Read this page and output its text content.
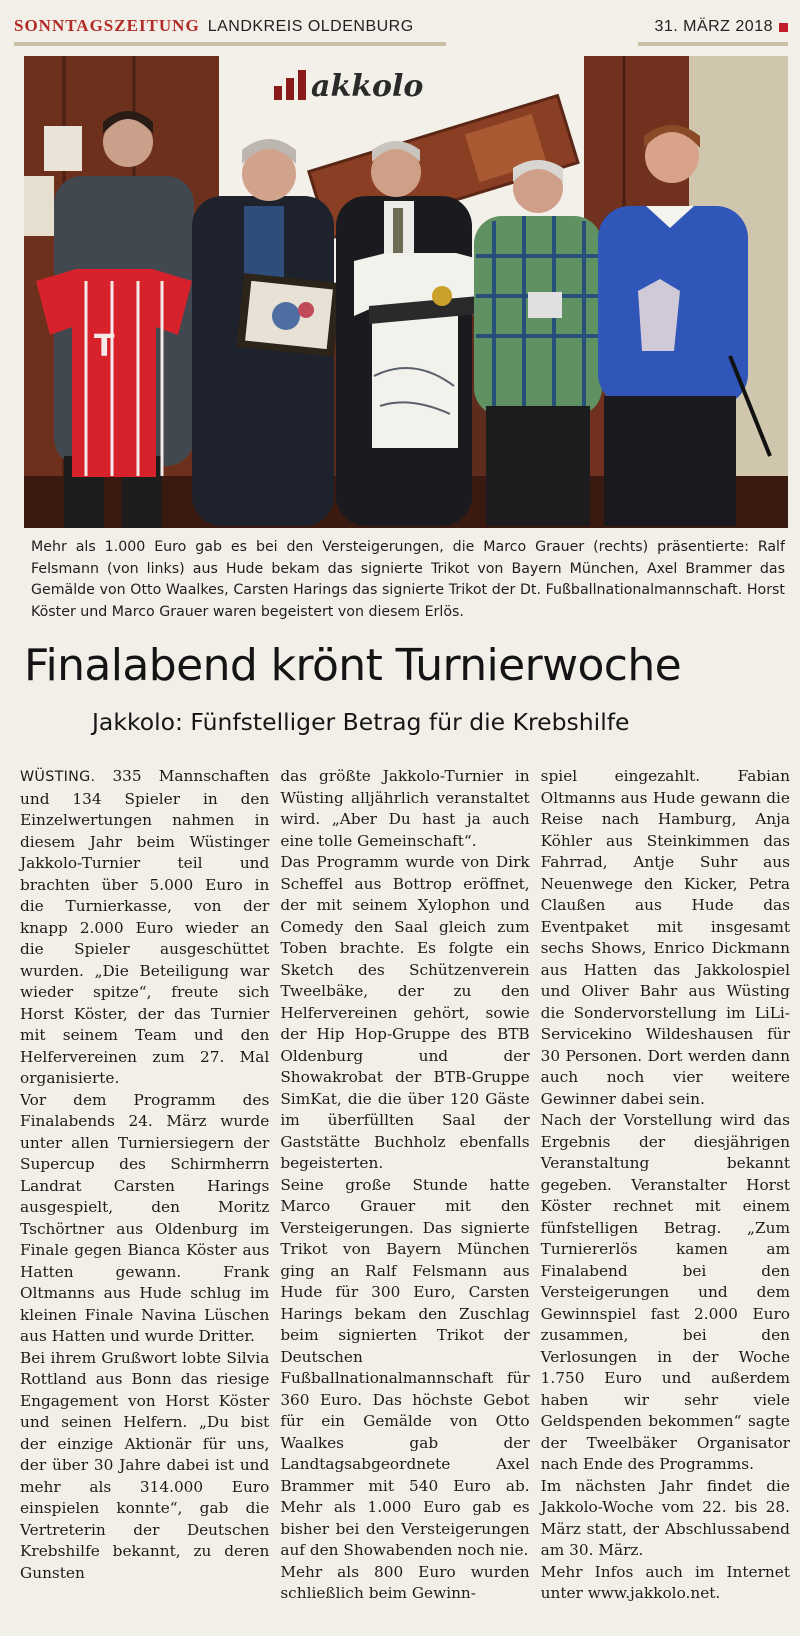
SONNTAGSZEITUNG LANDKREIS OLDENBURG	31. MÄRZ 2018
akkolo
T
Mehr als 1.000 Euro gab es bei den Versteigerungen, die Marco Grauer (rechts) präsentierte: Ralf Felsmann (von links) aus Hude bekam das signierte Trikot von Bayern München, Axel Brammer das Gemälde von Otto Waalkes, Carsten Harings das signierte Trikot der Dt. Fußballnationalmannschaft. Horst Köster und Marco Grauer waren begeistert von diesem Erlös.
Finalabend krönt Turnierwoche
Jakkolo: Fünfstelliger Betrag für die Krebshilfe

WÜSTING. 335 Mannschaften und 134 Spieler in den Einzelwertungen nahmen in diesem Jahr beim Wüstinger Jakkolo-Turnier teil und brachten über 5.000 Euro in die Turnierkasse, von der knapp 2.000 Euro wieder an die Spieler ausgeschüttet wurden. „Die Beteiligung war wieder spitze“, freute sich Horst Köster, der das Turnier mit seinem Team und den Helfervereinen zum 27. Mal organisierte.

Vor dem Programm des Finalabends 24. März wurde unter allen Turniersiegern der Supercup des Schirmherrn Landrat Carsten Harings ausgespielt, den Moritz Tschörtner aus Oldenburg im Finale gegen Bianca Köster aus Hatten gewann. Frank Oltmanns aus Hude schlug im kleinen Finale Navina Lüschen aus Hatten und wurde Dritter.

Bei ihrem Grußwort lobte Silvia Rottland aus Bonn das riesige Engagement von Horst Köster und seinen Helfern. „Du bist der einzige Aktionär für uns, der über 30 Jahre dabei ist und mehr als 314.000 Euro einspielen konnte“, gab die Vertreterin der Deutschen Krebshilfe bekannt, zu deren Gunsten

das größte Jakkolo-Turnier in Wüsting alljährlich veranstaltet wird. „Aber Du hast ja auch eine tolle Gemeinschaft“.

Das Programm wurde von Dirk Scheffel aus Bottrop eröffnet, der mit seinem Xylophon und Comedy den Saal gleich zum Toben brachte. Es folgte ein Sketch des Schützenverein Tweelbäke, der zu den Helfervereinen gehört, sowie der Hip Hop-Gruppe des BTB Oldenburg und der Showakrobat der BTB-Gruppe SimKat, die die über 120 Gäste im überfüllten Saal der Gaststätte Buchholz ebenfalls begeisterten.

Seine große Stunde hatte Marco Grauer mit den Versteigerungen. Das signierte Trikot von Bayern München ging an Ralf Felsmann aus Hude für 300 Euro, Carsten Harings bekam den Zuschlag beim signierten Trikot der Deutschen Fußballnationalmannschaft für 360 Euro. Das höchste Gebot für ein Gemälde von Otto Waalkes gab der Landtagsabgeordnete Axel Brammer mit 540 Euro ab. Mehr als 1.000 Euro gab es bisher bei den Versteigerungen auf den Showabenden noch nie.

Mehr als 800 Euro wurden schließlich beim Gewinn-

spiel eingezahlt. Fabian Oltmanns aus Hude gewann die Reise nach Hamburg, Anja Köhler aus Steinkimmen das Fahrrad, Antje Suhr aus Neuenwege den Kicker, Petra Claußen aus Hude das Eventpaket mit insgesamt sechs Shows, Enrico Dickmann aus Hatten das Jakkolospiel und Oliver Bahr aus Wüsting die Sondervorstellung im LiLi-Servicekino Wildeshausen für 30 Personen. Dort werden dann auch noch vier weitere Gewinner dabei sein.

Nach der Vorstellung wird das Ergebnis der diesjährigen Veranstaltung bekannt gegeben. Veranstalter Horst Köster rechnet mit einem fünfstelligen Betrag. „Zum Turniererlös kamen am Finalabend bei den Versteigerungen und dem Gewinnspiel fast 2.000 Euro zusammen, bei den Verlosungen in der Woche 1.750 Euro und außerdem haben wir sehr viele Geldspenden bekommen“ sagte der Tweelbäker Organisator nach Ende des Programms.

Im nächsten Jahr findet die Jakkolo-Woche vom 22. bis 28. März statt, der Abschlussabend am 30. März.

Mehr Infos auch im Internet unter www.jakkolo.net.
